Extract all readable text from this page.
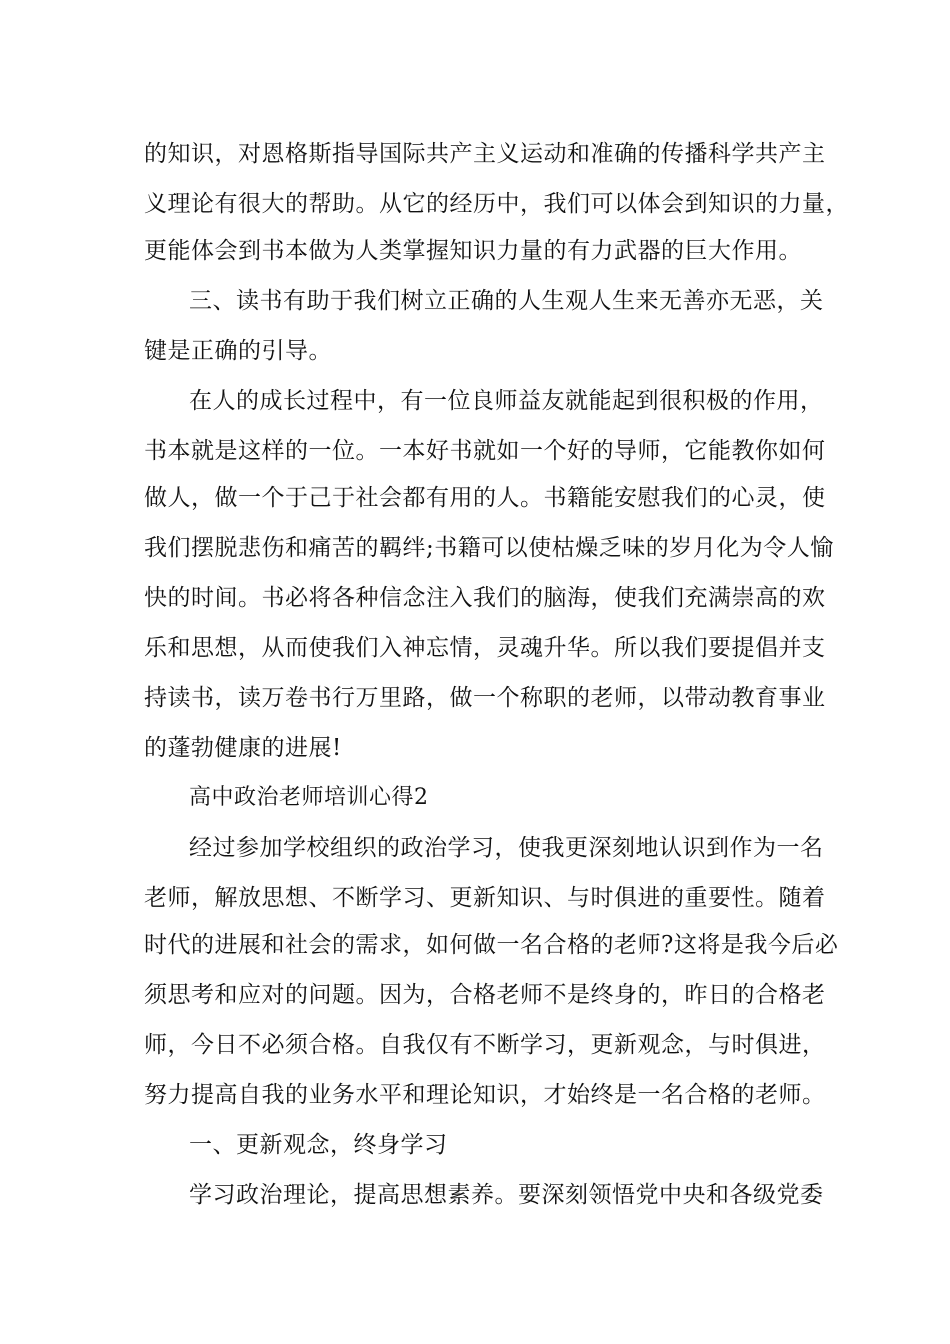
的知识，对恩格斯指导国际共产主义运动和准确的传播科学共产主
义理论有很大的帮助。从它的经历中，我们可以体会到知识的力量，
更能体会到书本做为人类掌握知识力量的有力武器的巨大作用。
三、读书有助于我们树立正确的人生观人生来无善亦无恶，关
键是正确的引导。
在人的成长过程中，有一位良师益友就能起到很积极的作用，
书本就是这样的一位。一本好书就如一个好的导师，它能教你如何
做人，做一个于己于社会都有用的人。书籍能安慰我们的心灵，使
我们摆脱悲伤和痛苦的羁绊;书籍可以使枯燥乏味的岁月化为令人愉
快的时间。书必将各种信念注入我们的脑海，使我们充满崇高的欢
乐和思想，从而使我们入神忘情，灵魂升华。所以我们要提倡并支
持读书，读万卷书行万里路，做一个称职的老师，以带动教育事业
的蓬勃健康的进展!
高中政治老师培训心得2
经过参加学校组织的政治学习，使我更深刻地认识到作为一名
老师，解放思想、不断学习、更新知识、与时俱进的重要性。随着
时代的进展和社会的需求，如何做一名合格的老师?这将是我今后必
须思考和应对的问题。因为，合格老师不是终身的，昨日的合格老
师，今日不必须合格。自我仅有不断学习，更新观念，与时俱进，
努力提高自我的业务水平和理论知识，才始终是一名合格的老师。
一、更新观念，终身学习
学习政治理论，提高思想素养。要深刻领悟党中央和各级党委
